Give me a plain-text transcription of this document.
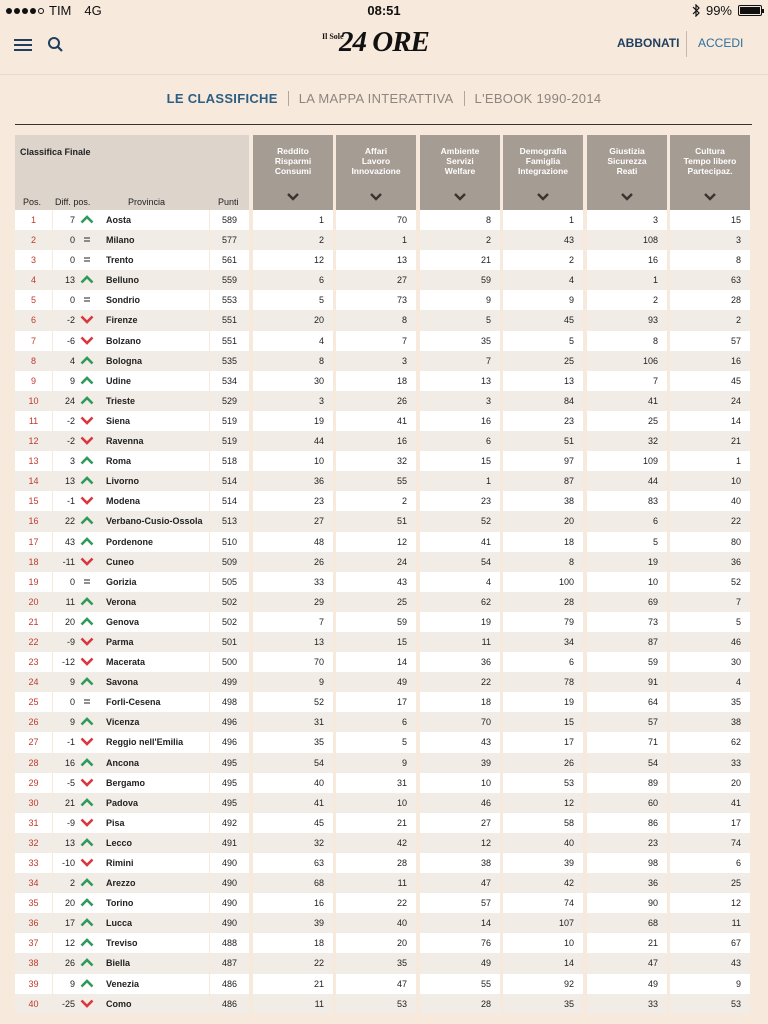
TIM 4G	08:51	99%
Il Sole
24 ORE	ABBONATI ACCEDI
LE CLASSIFICHE LA MAPPA INTERATTIVA L'EBOOK 1990-2014
Classifica Finale
Pos. Diff. pos.	Provincia	Punti
Reddito
Risparmi
Consumi
Affari
Lavoro
Innovazione
Ambiente
Servizi
Welfare
Demografia
Famiglia
Integrazione
Giustizia
Sicurezza
Reati
Cultura
Tempo libero
Partecipaz.
1	7	Aosta	589	1	70	8	1	3	15
2	0	Milano	577	2	1	2	43	108	3
3	0	Trento	561	12	13	21	2	16	8
4	13	Belluno	559	6	27	59	4	1	63
5	0	Sondrio	553	5	73	9	9	2	28
6	-2	Firenze	551	20	8	5	45	93	2
7	-6	Bolzano	551	4	7	35	5	8	57
8	4	Bologna	535	8	3	7	25	106	16
9	9	Udine	534	30	18	13	13	7	45
10	24	Trieste	529	3	26	3	84	41	24
11	-2	Siena	519	19	41	16	23	25	14
12	-2	Ravenna	519	44	16	6	51	32	21
13	3	Roma	518	10	32	15	97	109	1
14	13	Livorno	514	36	55	1	87	44	10
15	-1	Modena	514	23	2	23	38	83	40
16	22	Verbano-Cusio-Ossola	513	27	51	52	20	6	22
17	43	Pordenone	510	48	12	41	18	5	80
18	-11	Cuneo	509	26	24	54	8	19	36
19	0	Gorizia	505	33	43	4	100	10	52
20	11	Verona	502	29	25	62	28	69	7
21	20	Genova	502	7	59	19	79	73	5
22	-9	Parma	501	13	15	11	34	87	46
23	-12	Macerata	500	70	14	36	6	59	30
24	9	Savona	499	9	49	22	78	91	4
25	0	Forli-Cesena	498	52	17	18	19	64	35
26	9	Vicenza	496	31	6	70	15	57	38
27	-1	Reggio nell'Emilia	496	35	5	43	17	71	62
28	16	Ancona	495	54	9	39	26	54	33
29	-5	Bergamo	495	40	31	10	53	89	20
30	21	Padova	495	41	10	46	12	60	41
31	-9	Pisa	492	45	21	27	58	86	17
32	13	Lecco	491	32	42	12	40	23	74
33	-10	Rimini	490	63	28	38	39	98	6
34	2	Arezzo	490	68	11	47	42	36	25
35	20	Torino	490	16	22	57	74	90	12
36	17	Lucca	490	39	40	14	107	68	11
37	12	Treviso	488	18	20	76	10	21	67
38	26	Biella	487	22	35	49	14	47	43
39	9	Venezia	486	21	47	55	92	49	9
40	-25	Como	486	11	53	28	35	33	53
